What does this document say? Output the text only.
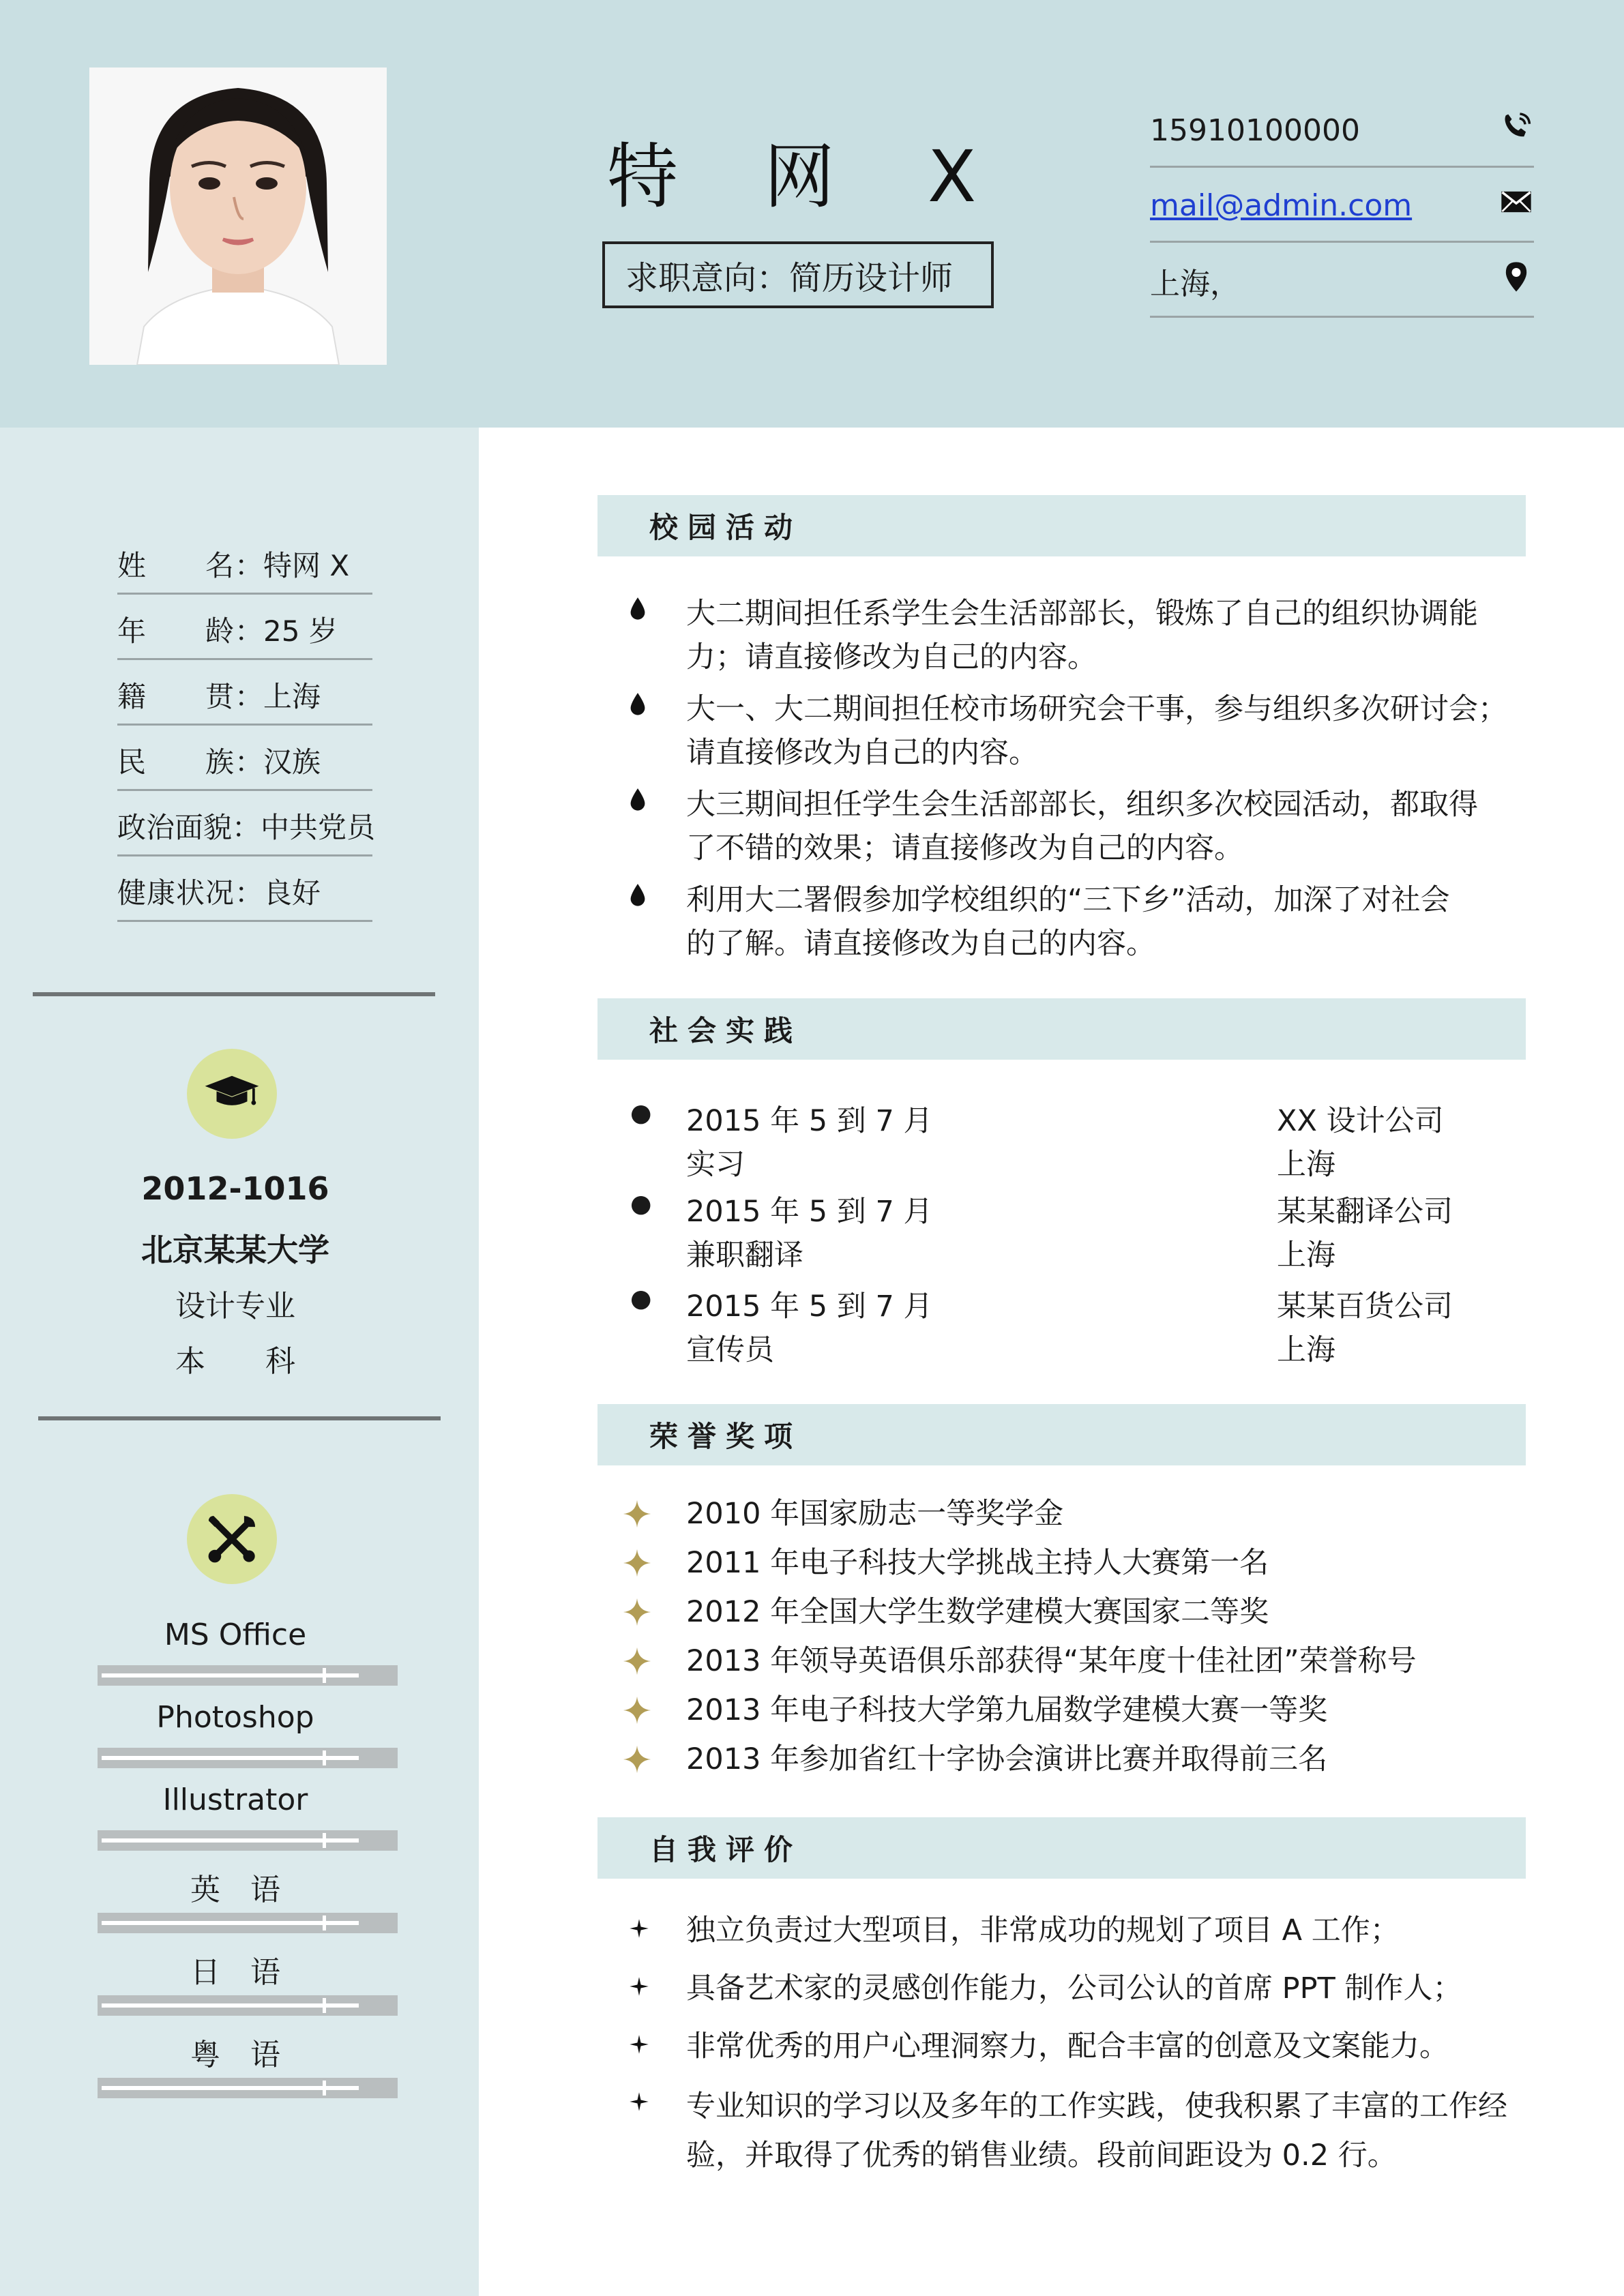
特 网 X
求职意向：简历设计师
15910100000
mail@admin.com
上海，
姓　　名： 特网 X
年　　龄： 25 岁
籍　　贯： 上海
民　　族： 汉族
政治面貌： 中共党员
健康状况： 良好
2012-1016
北京某某大学
设计专业
本　　科
MS Office
Photoshop
Illustrator
英　语
日　语
粤　语
校园活动
大二期间担任系学生会生活部部长，锻炼了自己的组织协调能
力；请直接修改为自己的内容。
大一、大二期间担任校市场研究会干事，参与组织多次研讨会；
请直接修改为自己的内容。
大三期间担任学生会生活部部长，组织多次校园活动，都取得
了不错的效果；请直接修改为自己的内容。
利用大二署假参加学校组织的“三下乡”活动，加深了对社会
的了解。请直接修改为自己的内容。
社会实践
● 2015 年 5 到 7 月
实习
XX 设计公司
上海
● 2015 年 5 到 7 月
兼职翻译
某某翻译公司
上海
● 2015 年 5 到 7 月
宣传员
某某百货公司
上海
荣誉奖项
2010 年国家励志一等奖学金
2011 年电子科技大学挑战主持人大赛第一名
2012 年全国大学生数学建模大赛国家二等奖
2013 年领导英语俱乐部获得“某年度十佳社团”荣誉称号
2013 年电子科技大学第九届数学建模大赛一等奖
2013 年参加省红十字协会演讲比赛并取得前三名
自我评价
独立负责过大型项目，非常成功的规划了项目 A 工作；
具备艺术家的灵感创作能力，公司公认的首席 PPT 制作人；
非常优秀的用户心理洞察力，配合丰富的创意及文案能力。
专业知识的学习以及多年的工作实践，使我积累了丰富的工作经
验，并取得了优秀的销售业绩。段前间距设为 0.2 行。
